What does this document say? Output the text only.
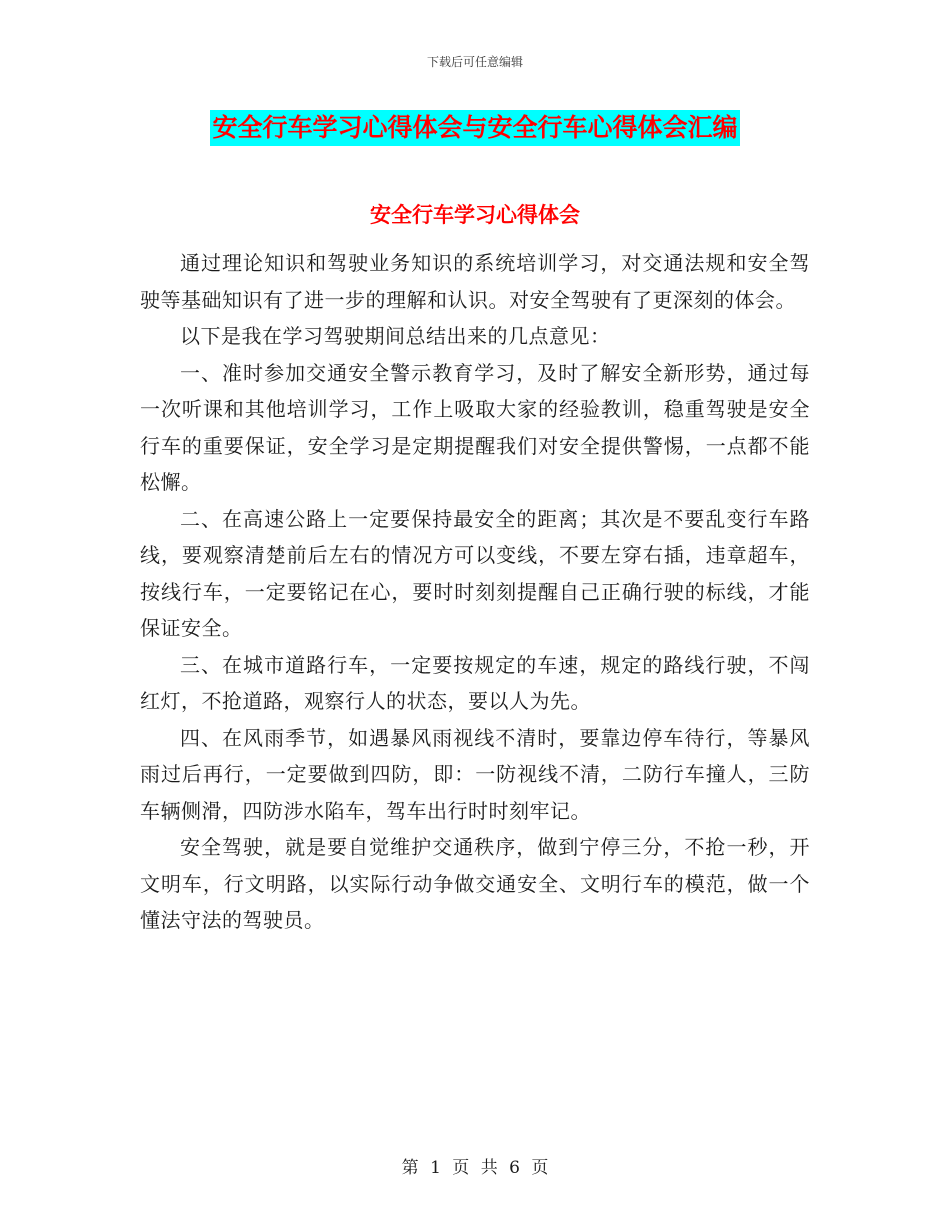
下载后可任意编辑
安全行车学习心得体会与安全行车心得体会汇编
安全行车学习心得体会

通过理论知识和驾驶业务知识的系统培训学习，对交通法规和安全驾驶等基础知识有了进一步的理解和认识。对安全驾驶有了更深刻的体会。

以下是我在学习驾驶期间总结出来的几点意见：

一、准时参加交通安全警示教育学习，及时了解安全新形势，通过每一次听课和其他培训学习，工作上吸取大家的经验教训，稳重驾驶是安全行车的重要保证，安全学习是定期提醒我们对安全提供警惕，一点都不能松懈。

二、在高速公路上一定要保持最安全的距离；其次是不要乱变行车路线，要观察清楚前后左右的情况方可以变线，不要左穿右插，违章超车，按线行车，一定要铭记在心，要时时刻刻提醒自己正确行驶的标线，才能保证安全。

三、在城市道路行车，一定要按规定的车速，规定的路线行驶，不闯红灯，不抢道路，观察行人的状态，要以人为先。

四、在风雨季节，如遇暴风雨视线不清时，要靠边停车待行，等暴风雨过后再行，一定要做到四防，即：一防视线不清，二防行车撞人，三防车辆侧滑，四防涉水陷车，驾车出行时时刻牢记。

安全驾驶，就是要自觉维护交通秩序，做到宁停三分，不抢一秒，开文明车，行文明路，以实际行动争做交通安全、文明行车的模范，做一个懂法守法的驾驶员。

第 1 页 共 6 页
